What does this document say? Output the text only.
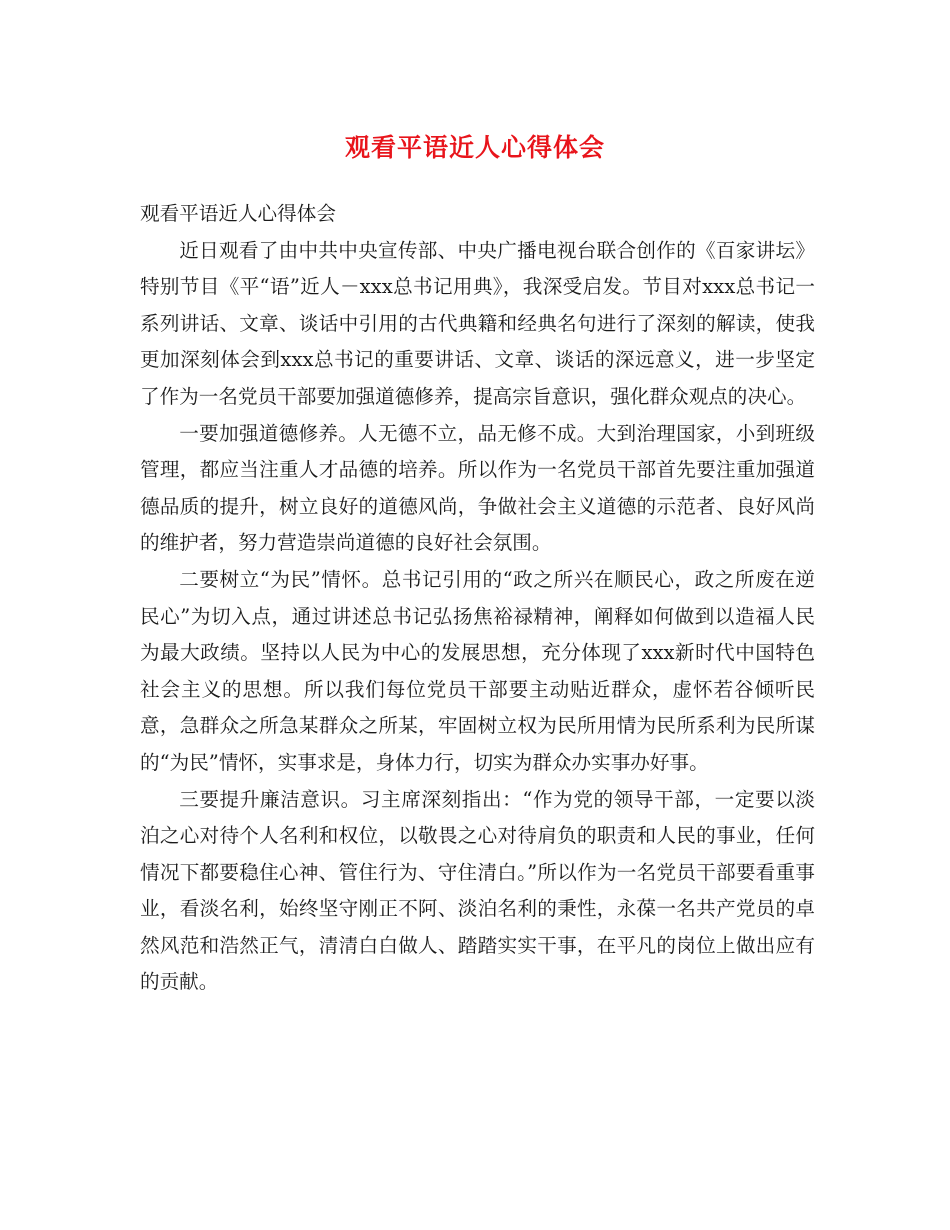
观看平语近人心得体会

观看平语近人心得体会

近日观看了由中共中央宣传部、中央广播电视台联合创作的《百家讲坛》特别节目《平“语”近人－xxx总书记用典》，我深受启发。节目对xxx总书记一系列讲话、文章、谈话中引用的古代典籍和经典名句进行了深刻的解读，使我更加深刻体会到xxx总书记的重要讲话、文章、谈话的深远意义，进一步坚定了作为一名党员干部要加强道德修养，提高宗旨意识，强化群众观点的决心。

一要加强道德修养。人无德不立，品无修不成。大到治理国家，小到班级管理，都应当注重人才品德的培养。所以作为一名党员干部首先要注重加强道德品质的提升，树立良好的道德风尚，争做社会主义道德的示范者、良好风尚的维护者，努力营造崇尚道德的良好社会氛围。

二要树立“为民”情怀。总书记引用的“政之所兴在顺民心，政之所废在逆民心”为切入点，通过讲述总书记弘扬焦裕禄精神，阐释如何做到以造福人民为最大政绩。坚持以人民为中心的发展思想，充分体现了xxx新时代中国特色社会主义的思想。所以我们每位党员干部要主动贴近群众，虚怀若谷倾听民意，急群众之所急某群众之所某，牢固树立权为民所用情为民所系利为民所谋的“为民”情怀，实事求是，身体力行，切实为群众办实事办好事。

三要提升廉洁意识。习主席深刻指出：“作为党的领导干部，一定要以淡泊之心对待个人名利和权位，以敬畏之心对待肩负的职责和人民的事业，任何情况下都要稳住心神、管住行为、守住清白。”所以作为一名党员干部要看重事业，看淡名利，始终坚守刚正不阿、淡泊名利的秉性，永葆一名共产党员的卓然风范和浩然正气，清清白白做人、踏踏实实干事，在平凡的岗位上做出应有的贡献。
